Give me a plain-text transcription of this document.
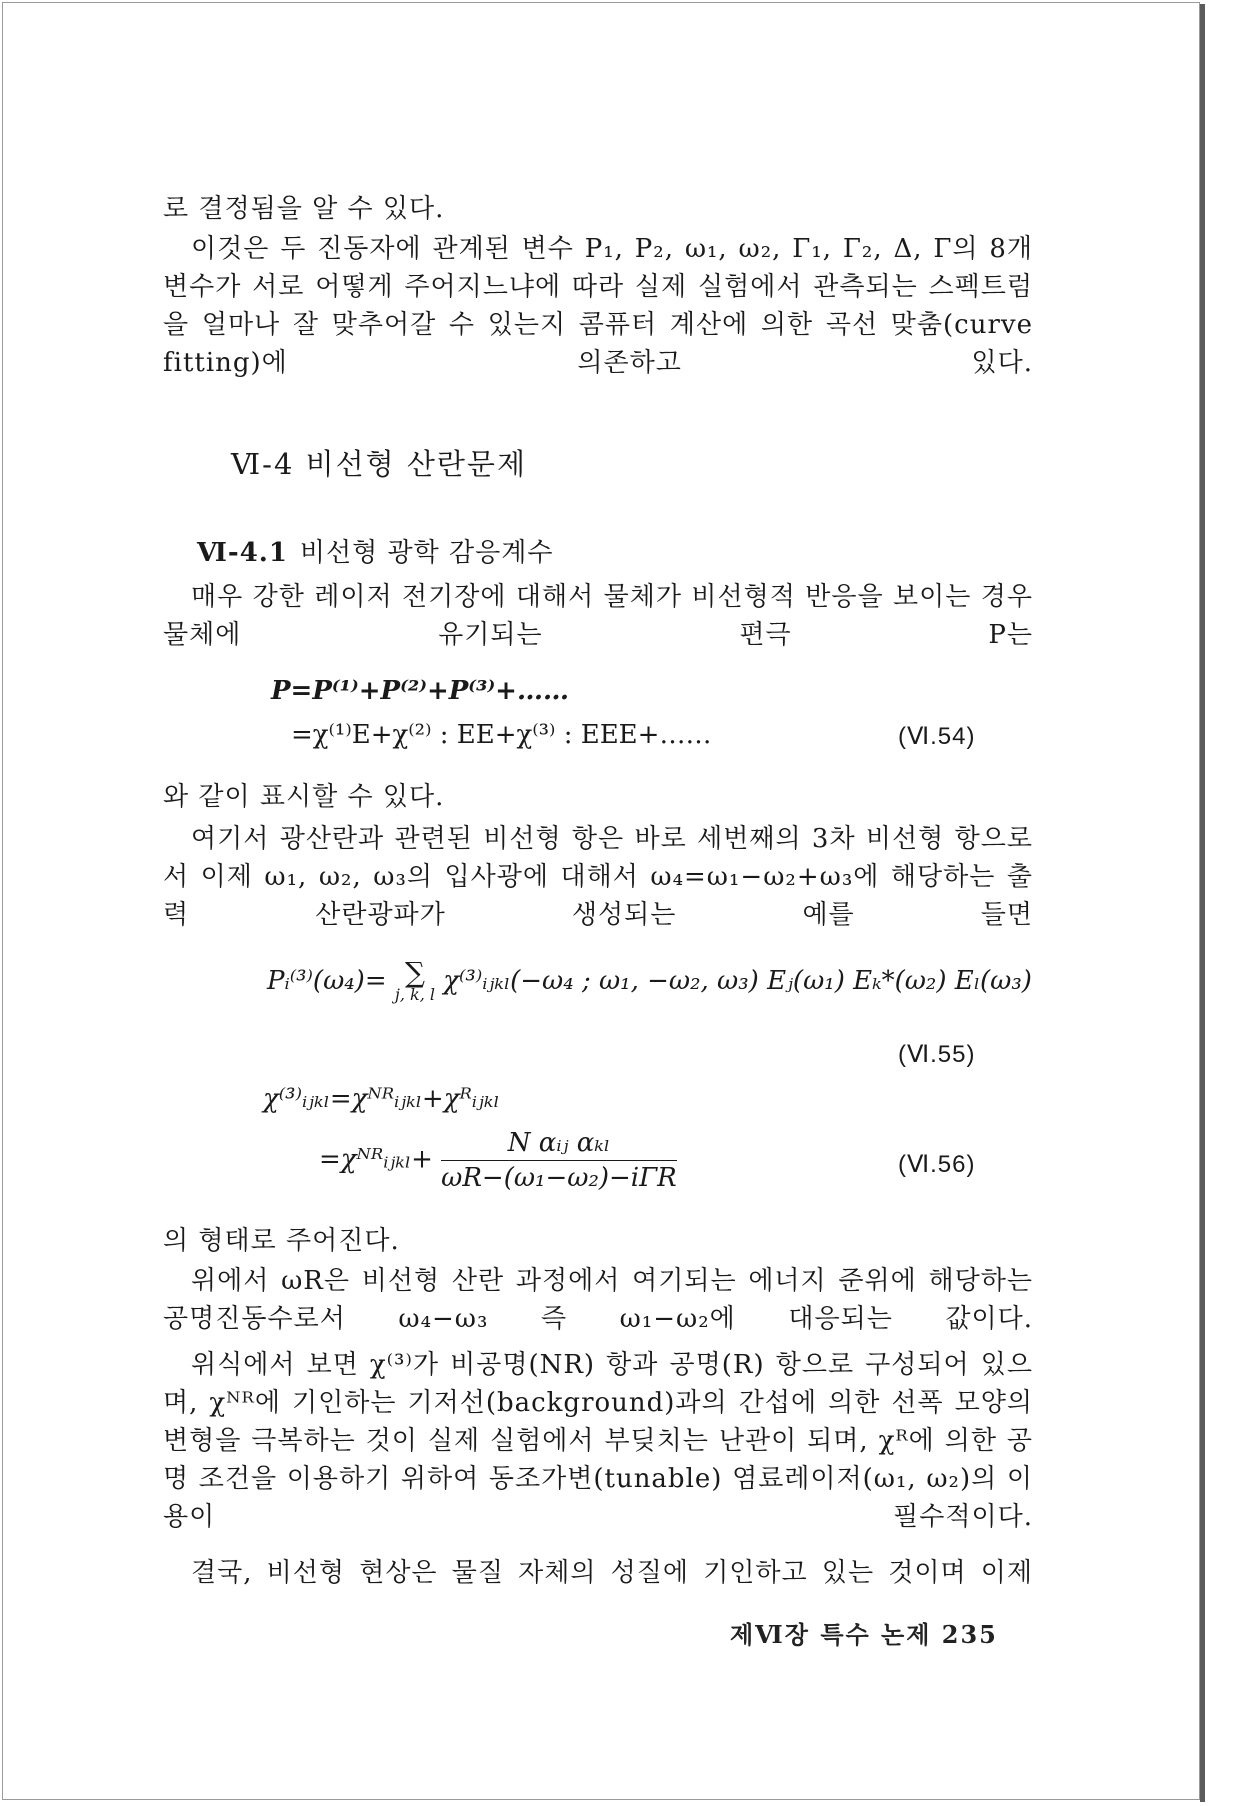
로 결정됨을 알 수 있다.
이것은 두 진동자에 관계된 변수 P₁, P₂, ω₁, ω₂, Γ₁, Γ₂, Δ, Γ의 8개 변수가 서로 어떻게 주어지느냐에 따라 실제 실험에서 관측되는 스펙트럼을 얼마나 잘 맞추어갈 수 있는지 콤퓨터 계산에 의한 곡선 맞춤(curve fitting)에 의존하고 있다.
Ⅵ-4 비선형 산란문제
Ⅵ-4.1 비선형 광학 감응계수
매우 강한 레이저 전기장에 대해서 물체가 비선형적 반응을 보이는 경우 물체에 유기되는 편극 P는
P=P⁽¹⁾+P⁽²⁾+P⁽³⁾+……
=χ⁽¹⁾E+χ⁽²⁾ : EE+χ⁽³⁾ : EEE+……	(Ⅵ.54)
와 같이 표시할 수 있다.
여기서 광산란과 관련된 비선형 항은 바로 세번째의 3차 비선형 항으로서 이제 ω₁, ω₂, ω₃의 입사광에 대해서 ω₄=ω₁−ω₂+ω₃에 해당하는 출력 산란광파가 생성되는 예를 들면
Pᵢ⁽³⁾(ω₄)= ∑
j, k, l χ⁽³⁾ᵢⱼₖₗ(−ω₄ ; ω₁, −ω₂, ω₃) Eⱼ(ω₁) Eₖ*(ω₂) Eₗ(ω₃)
(Ⅵ.55)
χ⁽³⁾ᵢⱼₖₗ=χᴺᴿᵢⱼₖₗ+χᴿᵢⱼₖₗ
=χᴺᴿᵢⱼₖₗ+ $\frac{\text{N αᵢⱼ αₖₗ}}{\text{ωR−(ω₁−ω₂)−iΓR}}$	(Ⅵ.56)
의 형태로 주어진다.
위에서 ωR은 비선형 산란 과정에서 여기되는 에너지 준위에 해당하는 공명진동수로서 ω₄−ω₃ 즉 ω₁−ω₂에 대응되는 값이다.
위식에서 보면 χ⁽³⁾가 비공명(NR) 항과 공명(R) 항으로 구성되어 있으며, χᴺᴿ에 기인하는 기저선(background)과의 간섭에 의한 선폭 모양의 변형을 극복하는 것이 실제 실험에서 부딪치는 난관이 되며, χᴿ에 의한 공명 조건을 이용하기 위하여 동조가변(tunable) 염료레이저(ω₁, ω₂)의 이용이 필수적이다.
결국, 비선형 현상은 물질 자체의 성질에 기인하고 있는 것이며 이제
제Ⅵ장 특수 논제 235
